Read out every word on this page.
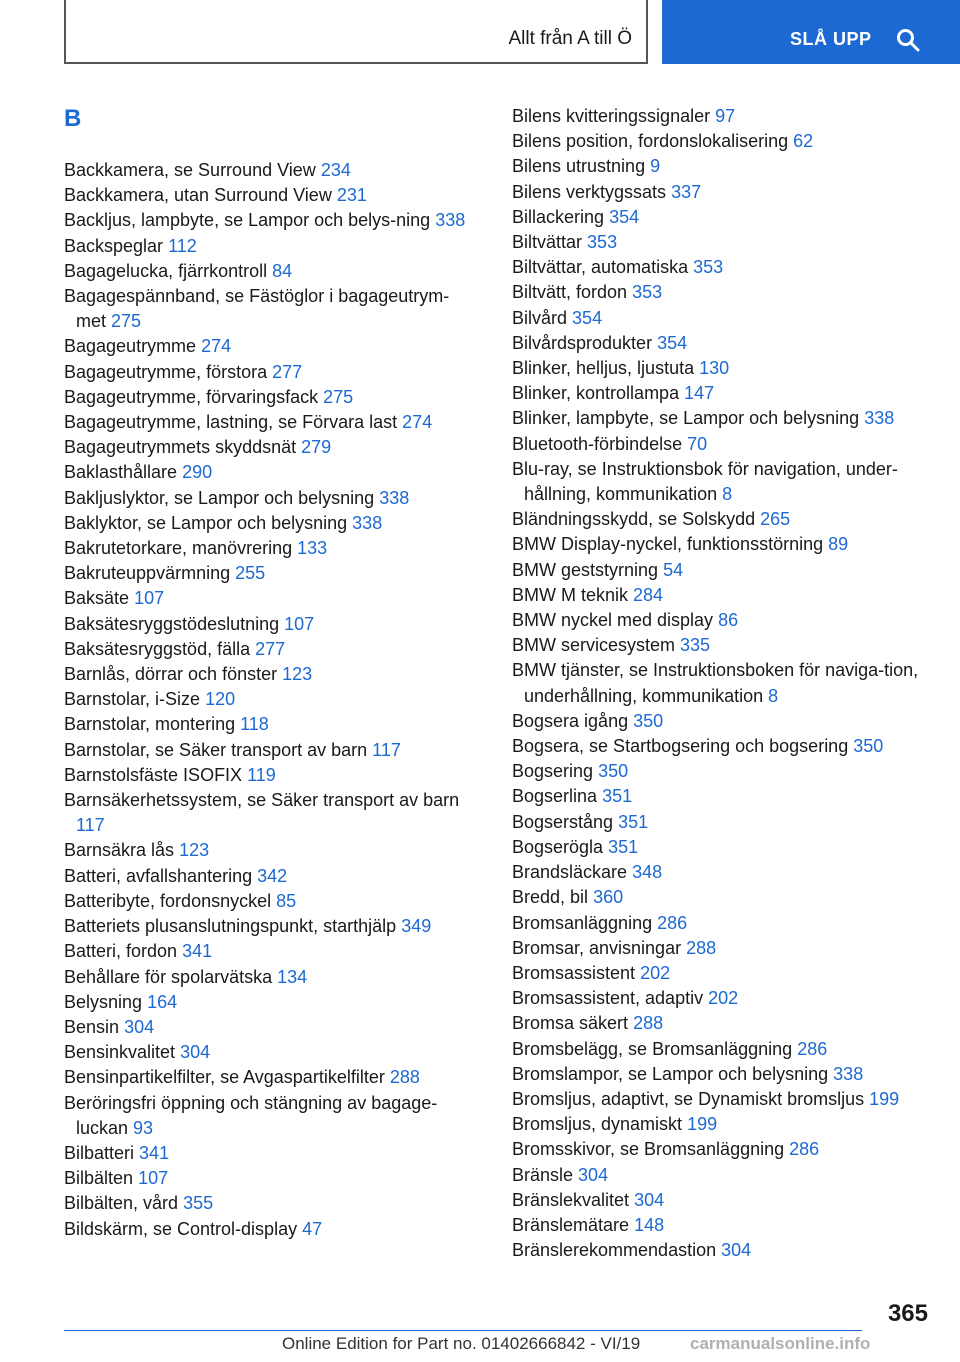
Allt från A till Ö	SLÅ UPP
B
Backkamera, se Surround View 234
Backkamera, utan Surround View 231
Backljus, lampbyte, se Lampor och belys-ning 338
Backspeglar 112
Bagagelucka, fjärrkontroll 84
Bagagespännband, se Fästöglor i bagageutrym-met 275
Bagageutrymme 274
Bagageutrymme, förstora 277
Bagageutrymme, förvaringsfack 275
Bagageutrymme, lastning, se Förvara last 274
Bagageutrymmets skyddsnät 279
Baklasthållare 290
Bakljuslyktor, se Lampor och belysning 338
Baklyktor, se Lampor och belysning 338
Bakrutetorkare, manövrering 133
Bakruteuppvärmning 255
Baksäte 107
Baksätesryggstödeslutning 107
Baksätesryggstöd, fälla 277
Barnlås, dörrar och fönster 123
Barnstolar, i-Size 120
Barnstolar, montering 118
Barnstolar, se Säker transport av barn 117
Barnstolsfäste ISOFIX 119
Barnsäkerhetssystem, se Säker transport av barn 117
Barnsäkra lås 123
Batteri, avfallshantering 342
Batteribyte, fordonsnyckel 85
Batteriets plusanslutningspunkt, starthjälp 349
Batteri, fordon 341
Behållare för spolarvätska 134
Belysning 164
Bensin 304
Bensinkvalitet 304
Bensinpartikelfilter, se Avgaspartikelfilter 288
Beröringsfri öppning och stängning av bagage-luckan 93
Bilbatteri 341
Bilbälten 107
Bilbälten, vård 355
Bildskärm, se Control-display 47
Bilens kvitteringssignaler 97
Bilens position, fordonslokalisering 62
Bilens utrustning 9
Bilens verktygssats 337
Billackering 354
Biltvättar 353
Biltvättar, automatiska 353
Biltvätt, fordon 353
Bilvård 354
Bilvårdsprodukter 354
Blinker, helljus, ljustuta 130
Blinker, kontrollampa 147
Blinker, lampbyte, se Lampor och belysning 338
Bluetooth-förbindelse 70
Blu-ray, se Instruktionsbok för navigation, under-hållning, kommunikation 8
Bländningsskydd, se Solskydd 265
BMW Display-nyckel, funktionsstörning 89
BMW geststyrning 54
BMW M teknik 284
BMW nyckel med display 86
BMW servicesystem 335
BMW tjänster, se Instruktionsboken för naviga-tion, underhållning, kommunikation 8
Bogsera igång 350
Bogsera, se Startbogsering och bogsering 350
Bogsering 350
Bogserlina 351
Bogserstång 351
Bogserögla 351
Brandsläckare 348
Bredd, bil 360
Bromsanläggning 286
Bromsar, anvisningar 288
Bromsassistent 202
Bromsassistent, adaptiv 202
Bromsa säkert 288
Bromsbelägg, se Bromsanläggning 286
Bromslampor, se Lampor och belysning 338
Bromsljus, adaptivt, se Dynamiskt bromsljus 199
Bromsljus, dynamiskt 199
Bromsskivor, se Bromsanläggning 286
Bränsle 304
Bränslekvalitet 304
Bränslemätare 148
Bränslerekommendastion 304
365
Online Edition for Part no. 01402666842 - VI/19	carmanualsonline.info
